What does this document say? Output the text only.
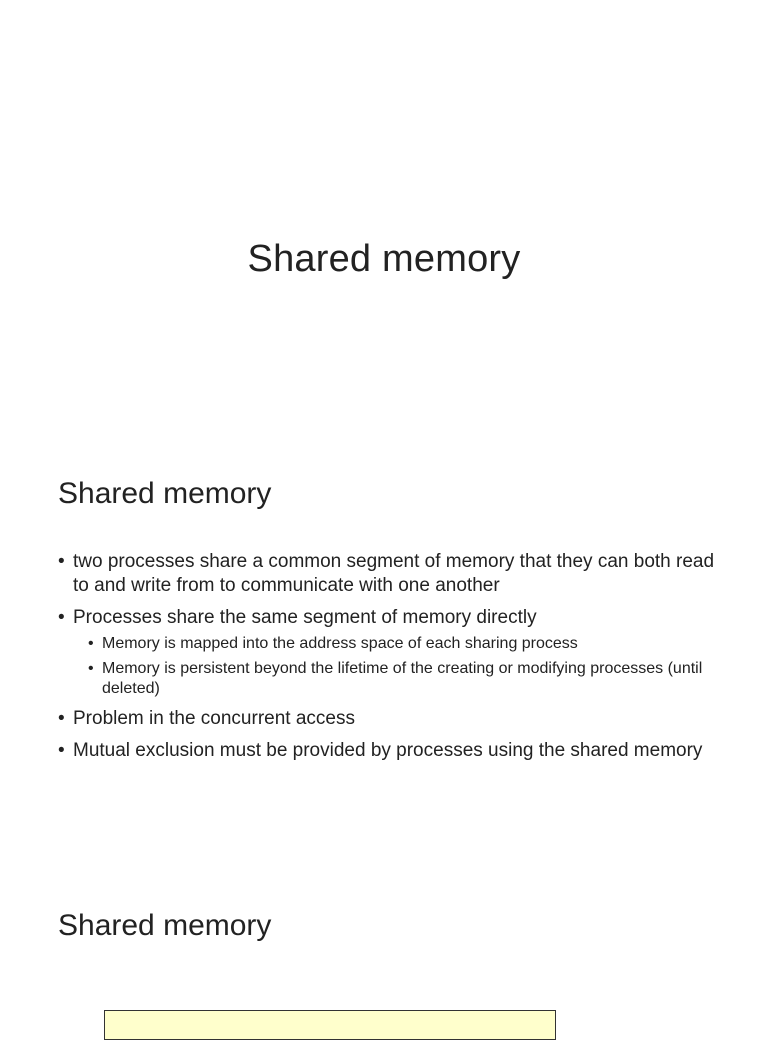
Shared memory
Shared memory
• two processes share a common segment of memory that they can both read to and write from to communicate with one another
• Processes share the same segment of memory directly
• Memory is mapped into the address space of each sharing process
• Memory is persistent beyond the lifetime of the creating or modifying processes (until deleted)
• Problem in the concurrent access
• Mutual exclusion must be provided by processes using the shared memory
Shared memory
